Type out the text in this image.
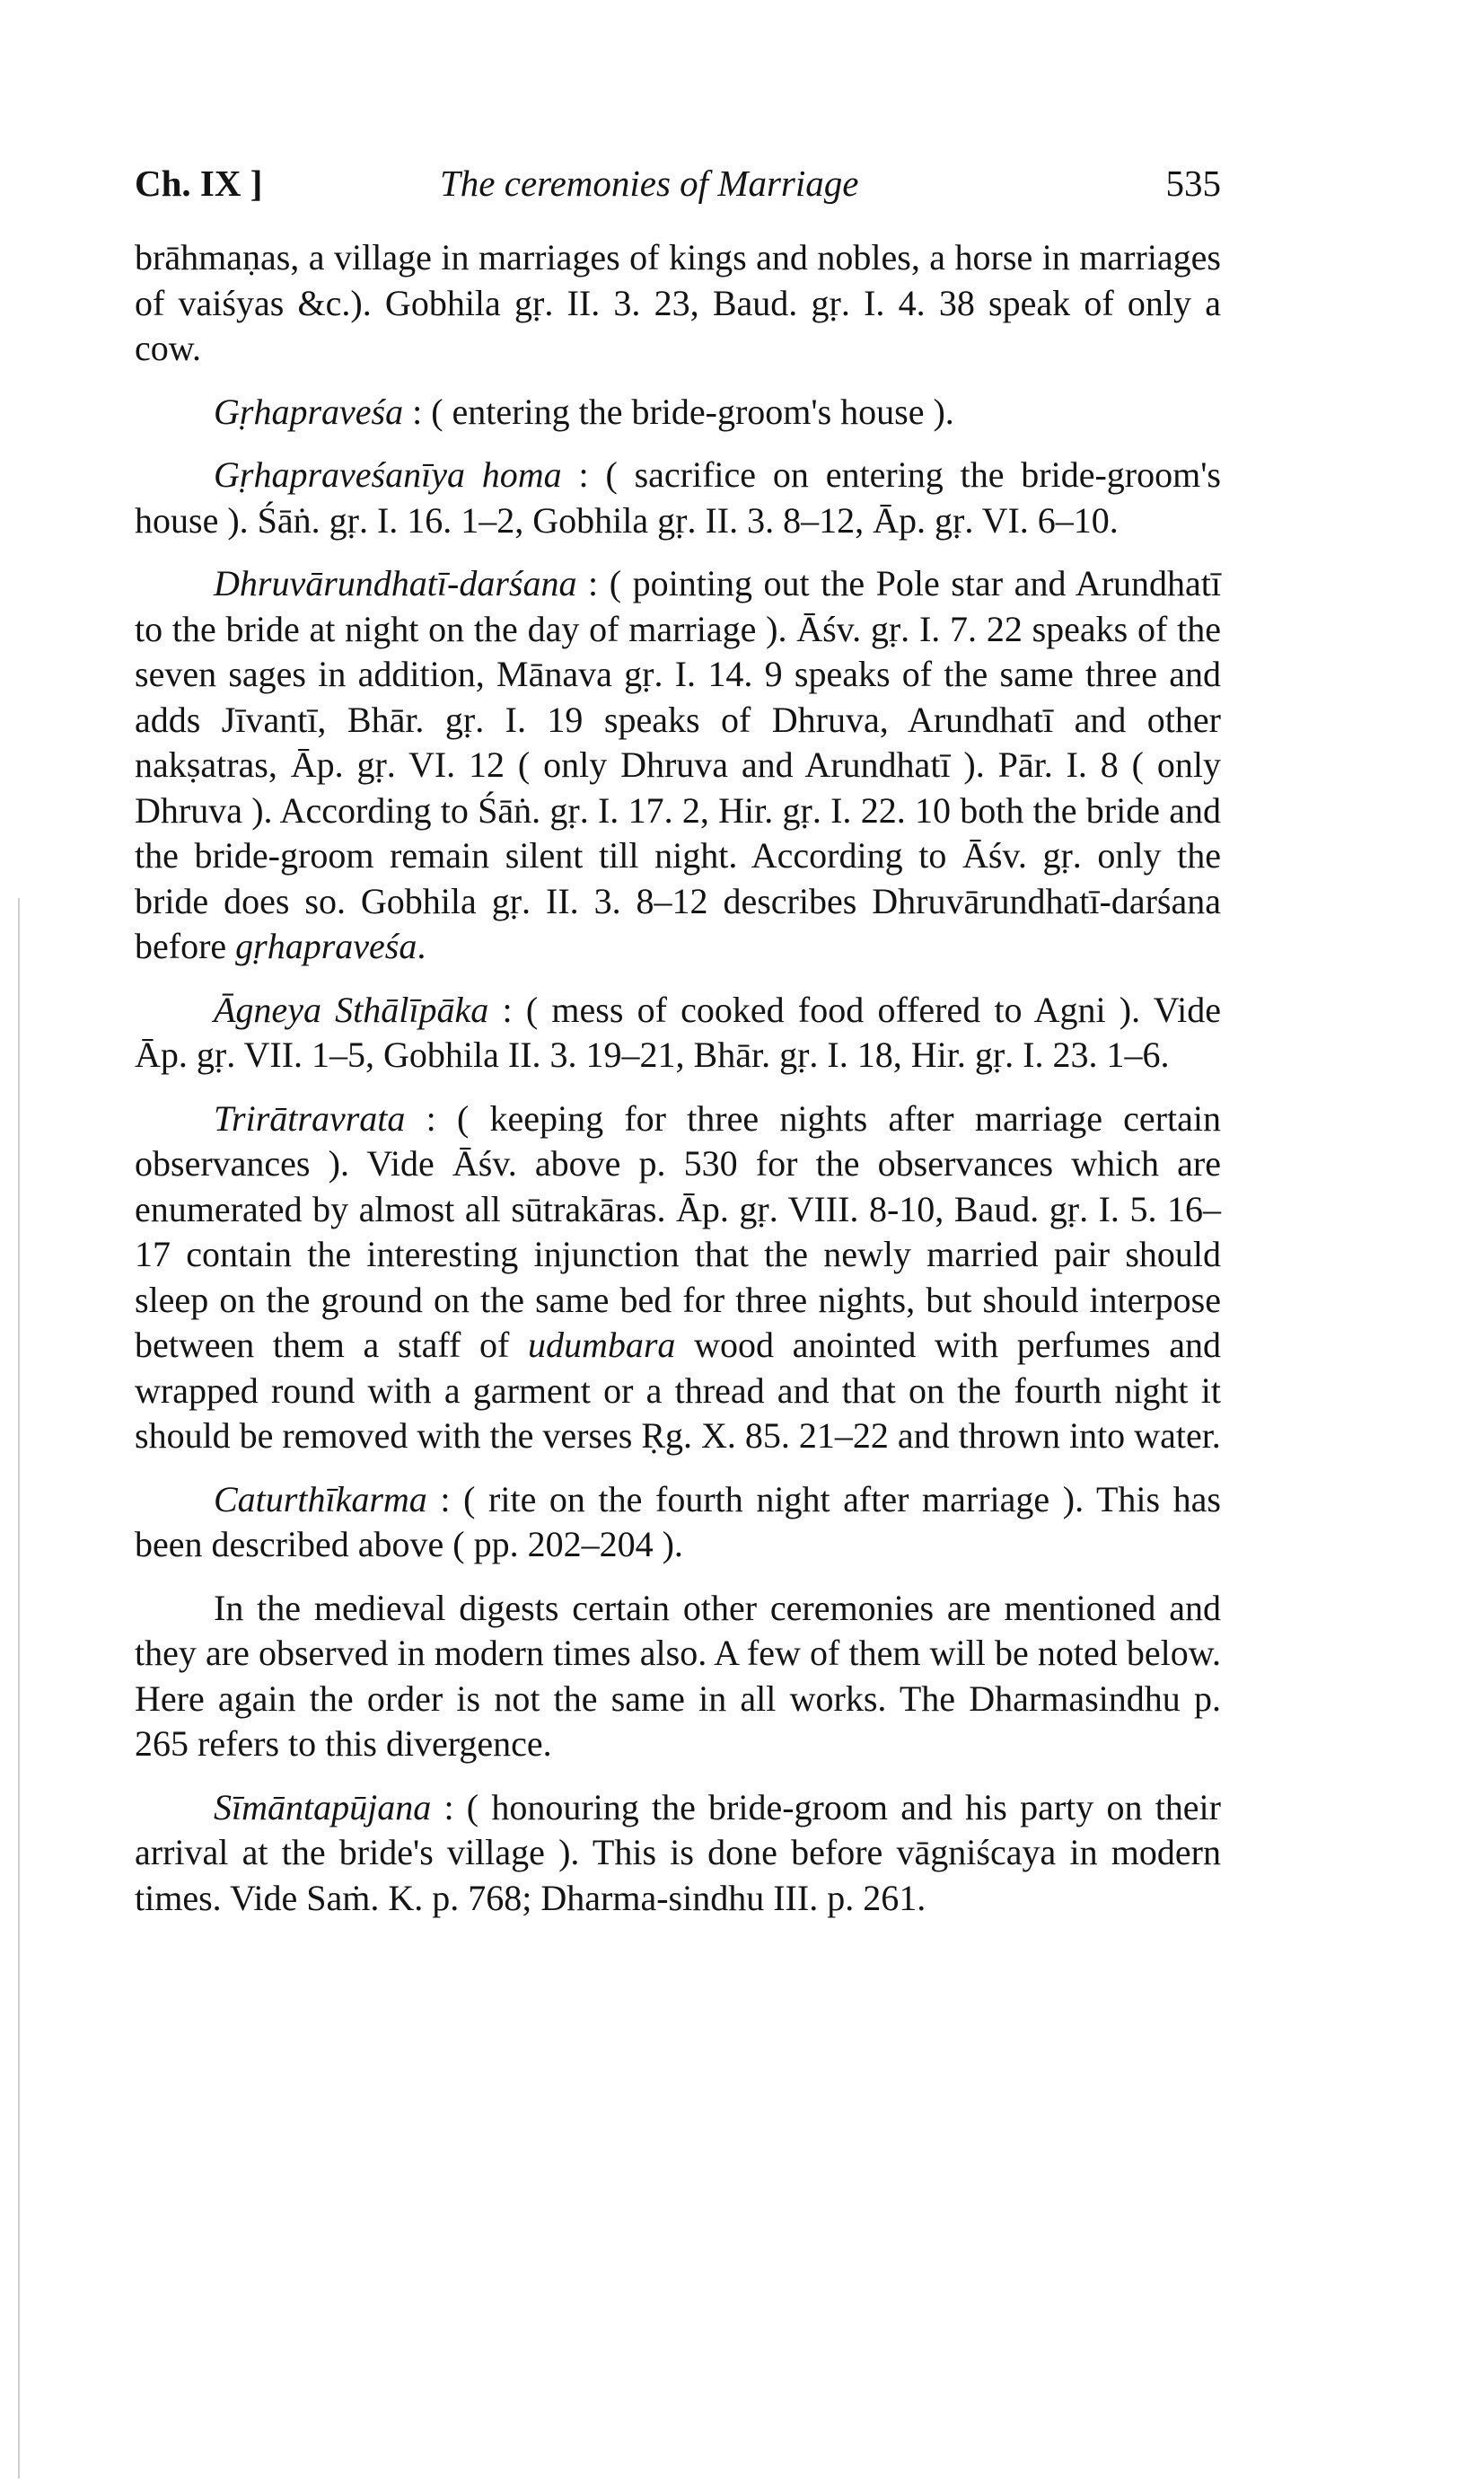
Ch. IX ]	The ceremonies of Marriage	535

brāhmaṇas, a village in marriages of kings and nobles, a horse in marriages of vaiśyas &c.). Gobhila gṛ. II. 3. 23, Baud. gṛ. I. 4. 38 speak of only a cow.

Gṛhapraveśa : ( entering the bride-groom's house ).

Gṛhapraveśanīya homa : ( sacrifice on entering the bride-groom's house ). Śāṅ. gṛ. I. 16. 1–2, Gobhila gṛ. II. 3. 8–12, Āp. gṛ. VI. 6–10.

Dhruvārundhatī-darśana : ( pointing out the Pole star and Arundhatī to the bride at night on the day of marriage ). Āśv. gṛ. I. 7. 22 speaks of the seven sages in addition, Mānava gṛ. I. 14. 9 speaks of the same three and adds Jīvantī, Bhār. gṛ. I. 19 speaks of Dhruva, Arundhatī and other nakṣatras, Āp. gṛ. VI. 12 ( only Dhruva and Arundhatī ). Pār. I. 8 ( only Dhruva ). According to Śāṅ. gṛ. I. 17. 2, Hir. gṛ. I. 22. 10 both the bride and the bride-groom remain silent till night. According to Āśv. gṛ. only the bride does so. Gobhila gṛ. II. 3. 8–12 describes Dhruvārundhatī-darśana before gṛhapraveśa.

Āgneya Sthālīpāka : ( mess of cooked food offered to Agni ). Vide Āp. gṛ. VII. 1–5, Gobhila II. 3. 19–21, Bhār. gṛ. I. 18, Hir. gṛ. I. 23. 1–6.

Trirātravrata : ( keeping for three nights after marriage certain observances ). Vide Āśv. above p. 530 for the observances which are enumerated by almost all sūtrakāras. Āp. gṛ. VIII. 8-10, Baud. gṛ. I. 5. 16–17 contain the interesting injunction that the newly married pair should sleep on the ground on the same bed for three nights, but should interpose between them a staff of udumbara wood anointed with perfumes and wrapped round with a garment or a thread and that on the fourth night it should be removed with the verses Ṛg. X. 85. 21–22 and thrown into water.

Caturthīkarma : ( rite on the fourth night after marriage ). This has been described above ( pp. 202–204 ).

In the medieval digests certain other ceremonies are mentioned and they are observed in modern times also. A few of them will be noted below. Here again the order is not the same in all works. The Dharmasindhu p. 265 refers to this divergence.

Sīmāntapūjana : ( honouring the bride-groom and his party on their arrival at the bride's village ). This is done before vāgniścaya in modern times. Vide Saṁ. K. p. 768; Dharma-sindhu III. p. 261.
